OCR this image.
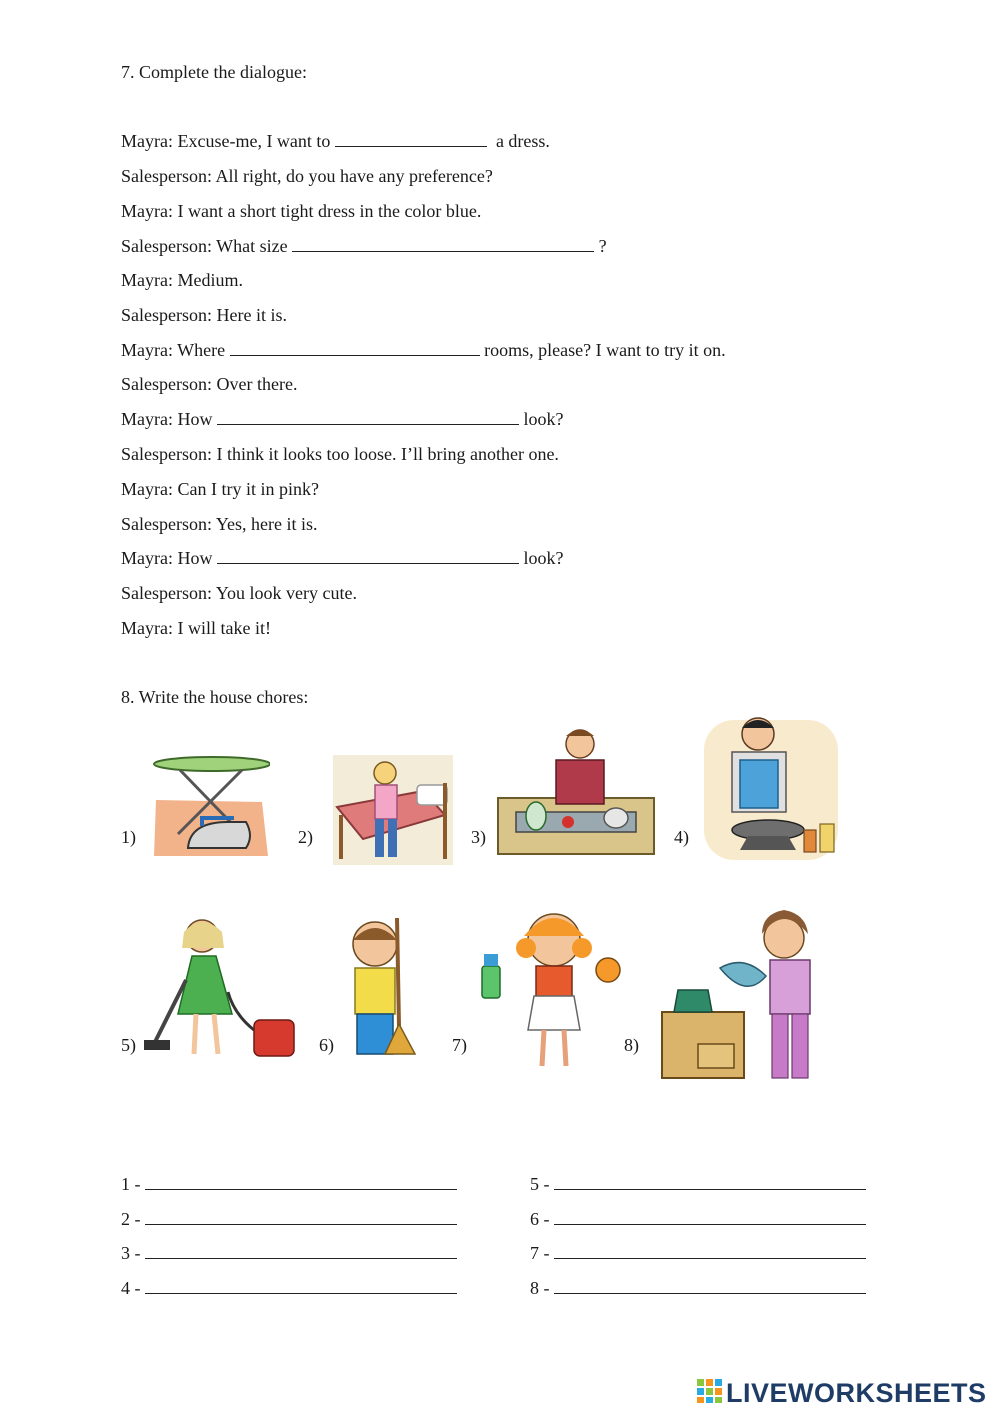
7. Complete the dialogue:
Mayra: Excuse-me, I want to	a dress.
Salesperson: All right, do you have any preference?
Mayra: I want a short tight dress in the color blue.
Salesperson: What size	?
Mayra: Medium.
Salesperson: Here it is.
Mayra: Where	rooms, please? I want to try it on.
Salesperson: Over there.
Mayra: How	look?
Salesperson: I think it looks too loose. I’ll bring another one.
Mayra: Can I try it in pink?
Salesperson: Yes, here it is.
Mayra: How	look?
Salesperson: You look very cute.
Mayra: I will take it!
8. Write the house chores:
1)	2)	3)	4)
5)	6)	7)	8)
1 -
2 -
3 -
4 -
5 -
6 -
7 -
8 -
LIVEWORKSHEETS
